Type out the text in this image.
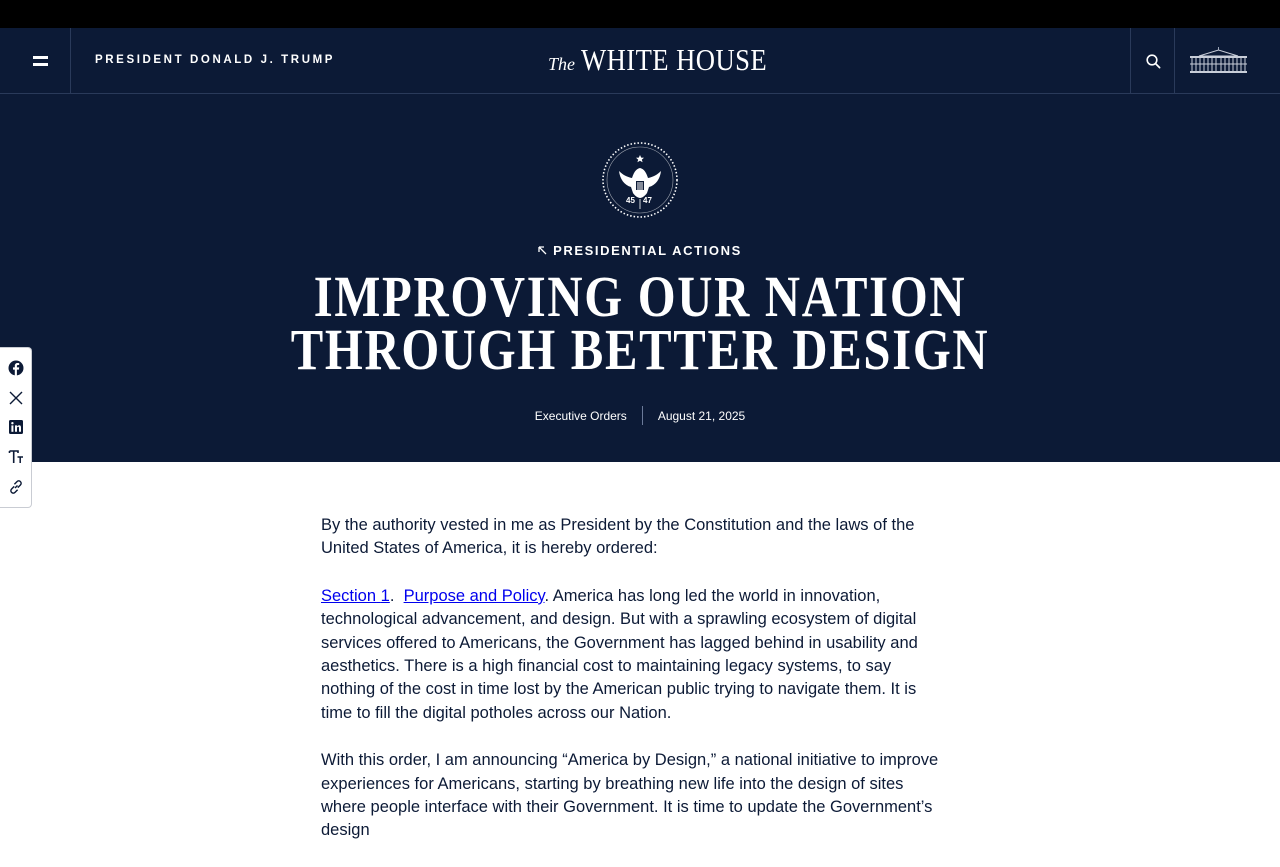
PRESIDENT DONALD J. TRUMP	The WHITE HOUSE
45 47
PRESIDENTIAL ACTIONS
IMPROVING OUR NATION
THROUGH BETTER DESIGN
Executive Orders	August 21, 2025

By the authority vested in me as President by the Constitution and the laws of the United States of America, it is hereby ordered:

Section 1.  Purpose and Policy. America has long led the world in innovation, technological advancement, and design. But with a sprawling ecosystem of digital services offered to Americans, the Government has lagged behind in usability and aesthetics. There is a high financial cost to maintaining legacy systems, to say nothing of the cost in time lost by the American public trying to navigate them. It is time to fill the digital potholes across our Nation.

With this order, I am announcing “America by Design,” a national initiative to improve experiences for Americans, starting by breathing new life into the design of sites where people interface with their Government. It is time to update the Government’s design
